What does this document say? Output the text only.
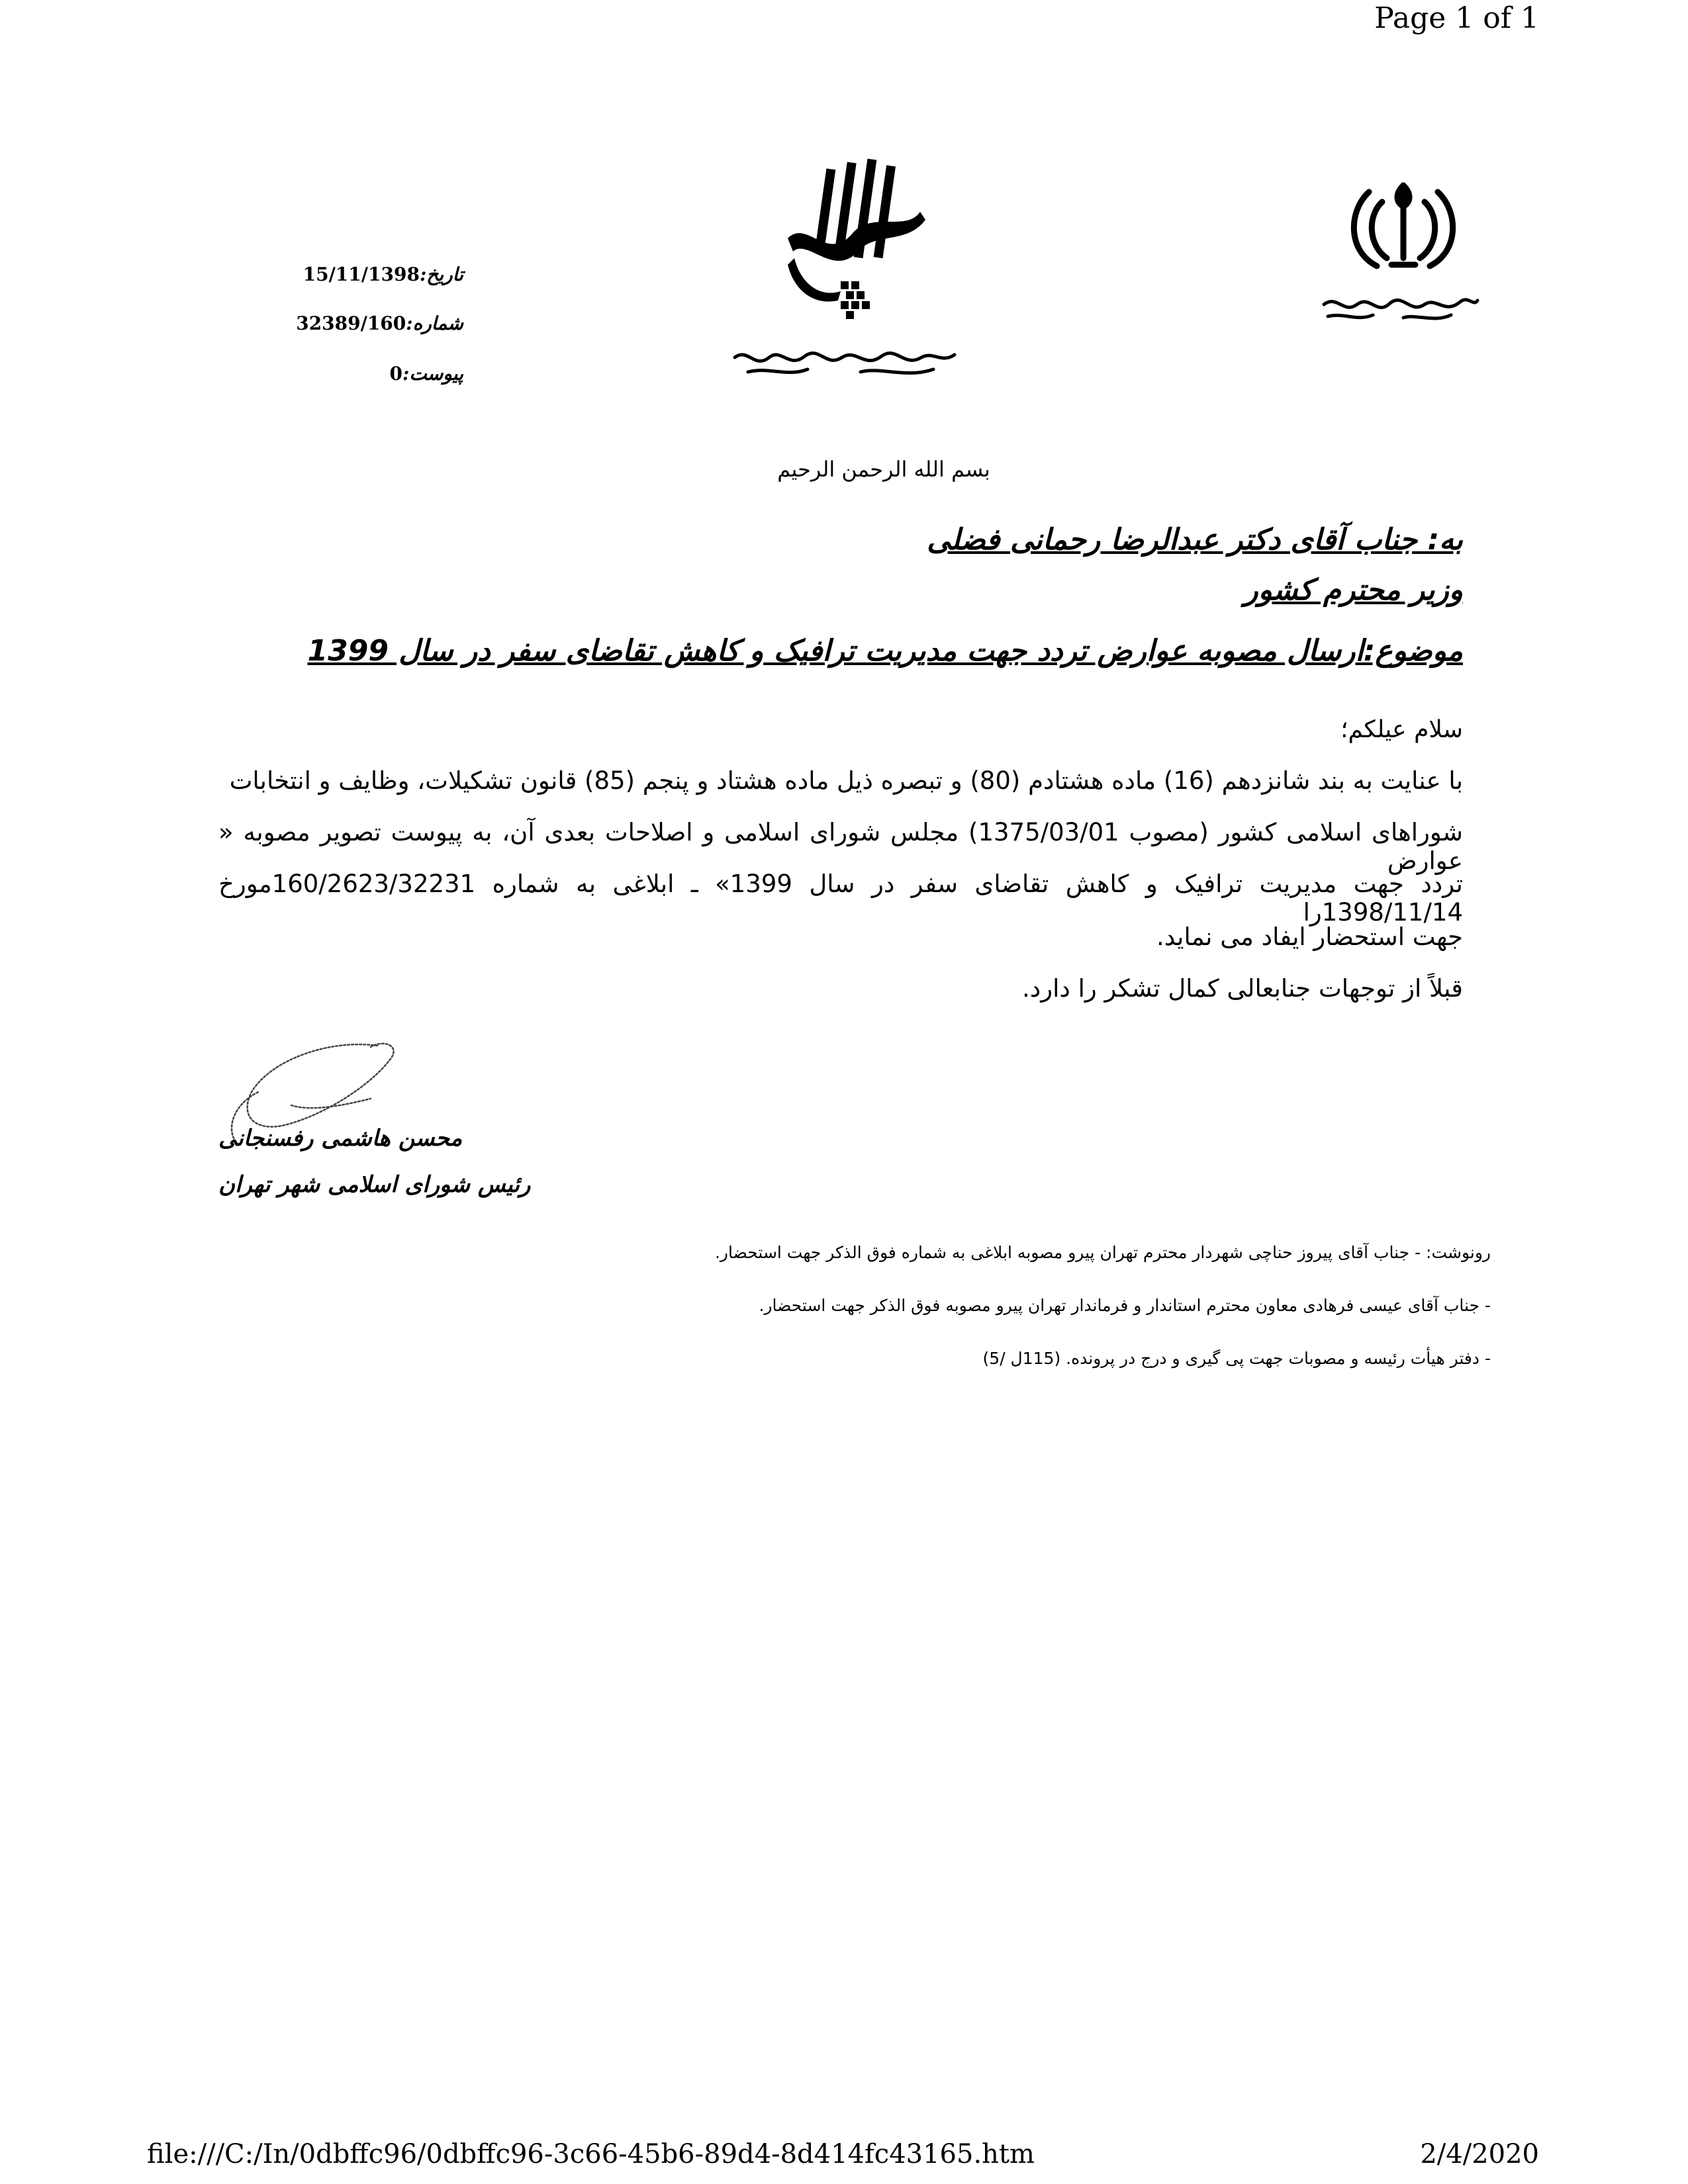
Page 1 of 1
file:///C:/In/0dbffc96/0dbffc96-3c66-45b6-89d4-8d414fc43165.htm	2/4/2020
تاریخ:15/11/1398
شماره:32389/160
پیوست:0
بسم الله الرحمن الرحیم
به: جناب آقای دکتر عبدالرضا رحمانی فضلی
وزیر محترم کشور
موضوع:ارسال مصوبه عوارض تردد جهت مدیریت ترافیک و کاهش تقاضای سفر در سال 1399
سلام عیلکم؛
با عنایت به بند شانزدهم (16) ماده هشتادم (80) و تبصره ذیل ماده هشتاد و پنجم (85) قانون تشکیلات، وظایف و انتخابات
شوراهای اسلامی کشور (مصوب 1375/03/01) مجلس شورای اسلامی و اصلاحات بعدی آن، به پیوست تصویر مصوبه « عوارض
تردد جهت مدیریت ترافیک و کاهش تقاضای سفر در سال 1399» ـ ابلاغی به شماره 160/2623/32231مورخ 1398/11/14را
جهت استحضار ایفاد می نماید.
قبلاً از توجهات جنابعالی کمال تشکر را دارد.
محسن هاشمی رفسنجانی
رئیس شورای اسلامی شهر تهران
رونوشت: - جناب آقای پیروز حناچی شهردار محترم تهران پیرو مصوبه ابلاغی به شماره فوق الذکر جهت استحضار.
- جناب آقای عیسی فرهادی معاون محترم استاندار و فرماندار تهران پیرو مصوبه فوق الذکر جهت استحضار.
- دفتر هیأت رئیسه و مصوبات جهت پی گیری و درج در پرونده. (115ل /5)
